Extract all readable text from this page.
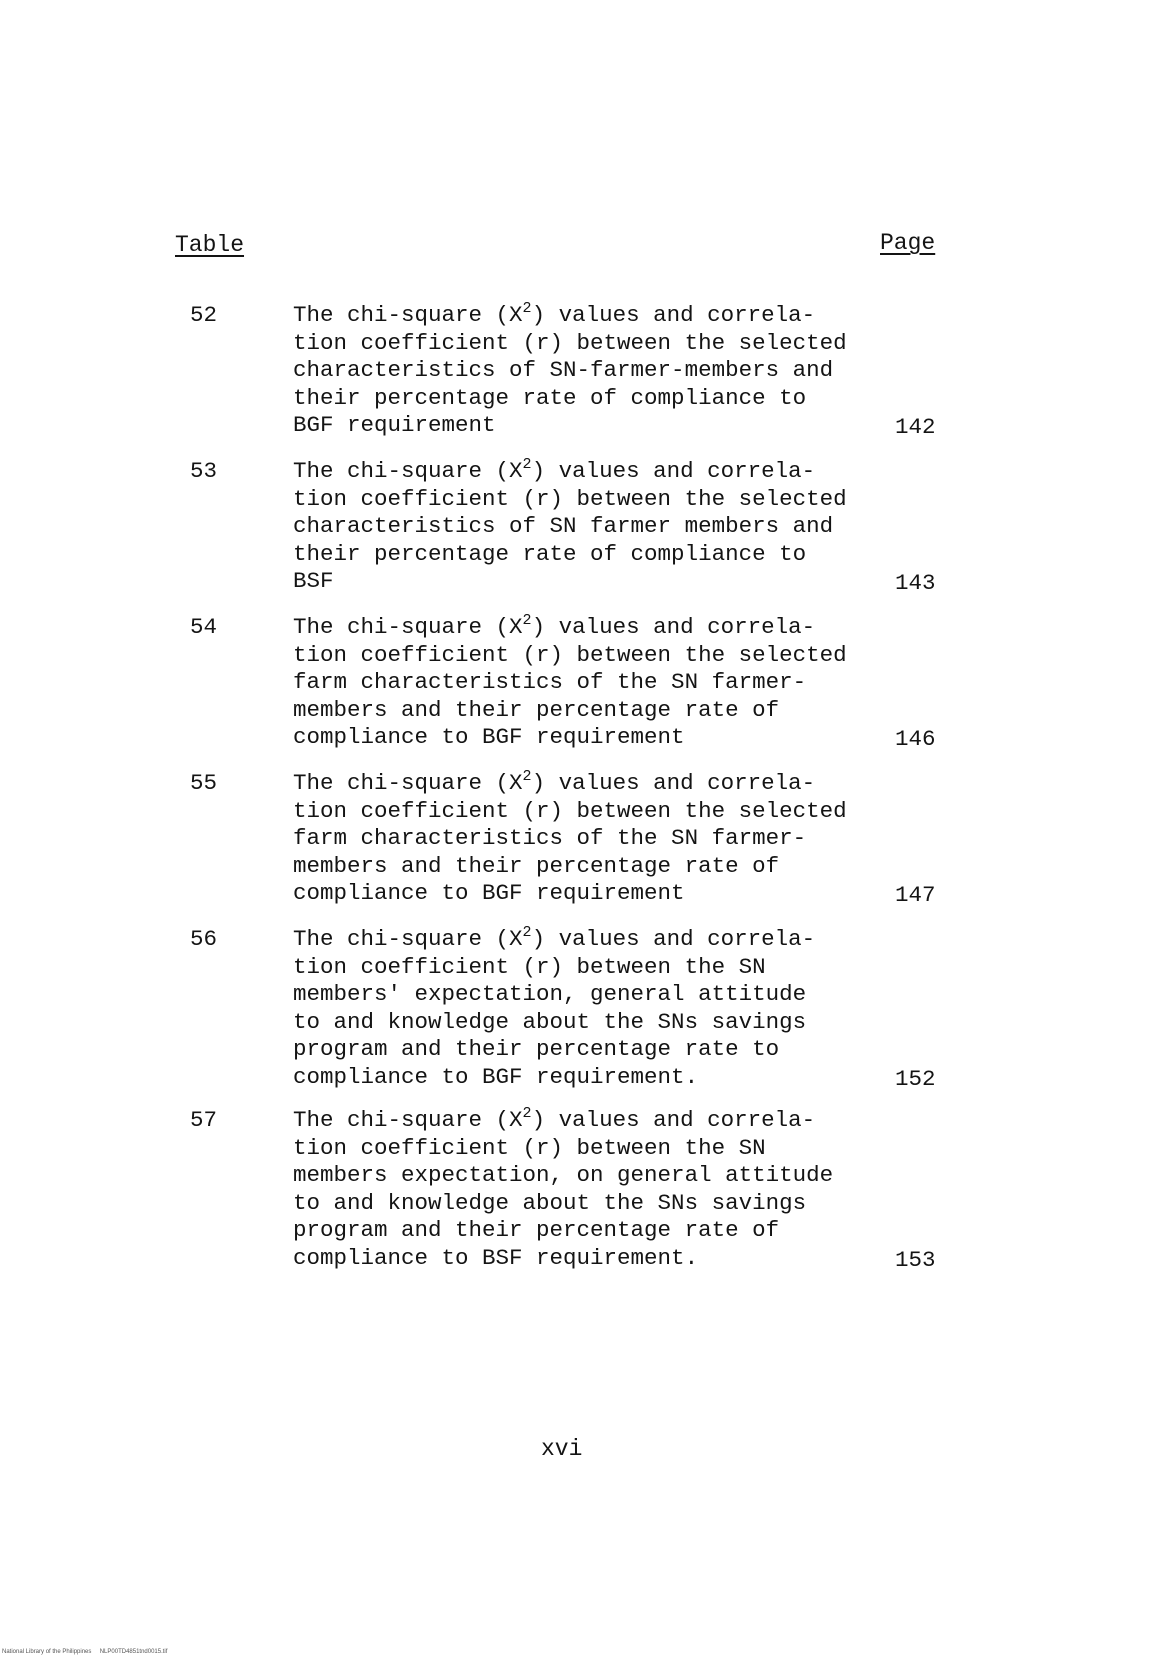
Table	Page
52	The chi-square $(X^2)$ values and correla-
tion coefficient (r) between the selected
characteristics of SN-farmer-members and
their percentage rate of compliance to
BGF requirement	142
53	The chi-square $(X^2)$ values and correla-
tion coefficient (r) between the selected
characteristics of SN farmer members and
their percentage rate of compliance to
BSF	143
54	The chi-square $(X^2)$ values and correla-
tion coefficient (r) between the selected
farm characteristics of the SN farmer-
members and their percentage rate of
compliance to BGF requirement	146
55	The chi-square $(X^2)$ values and correla-
tion coefficient (r) between the selected
farm characteristics of the SN farmer-
members and their percentage rate of
compliance to BGF requirement	147
56	The chi-square $(X^2)$ values and correla-
tion coefficient (r) between the SN
members' expectation, general attitude
to and knowledge about the SNs savings
program and their percentage rate to
compliance to BGF requirement.	152
57	The chi-square $(X^2)$ values and correla-
tion coefficient (r) between the SN
members expectation, on general attitude
to and knowledge about the SNs savings
program and their percentage rate of
compliance to BSF requirement.	153
xvi
National Library of the Philippines     NLP00TD4851tnd0015.tif
